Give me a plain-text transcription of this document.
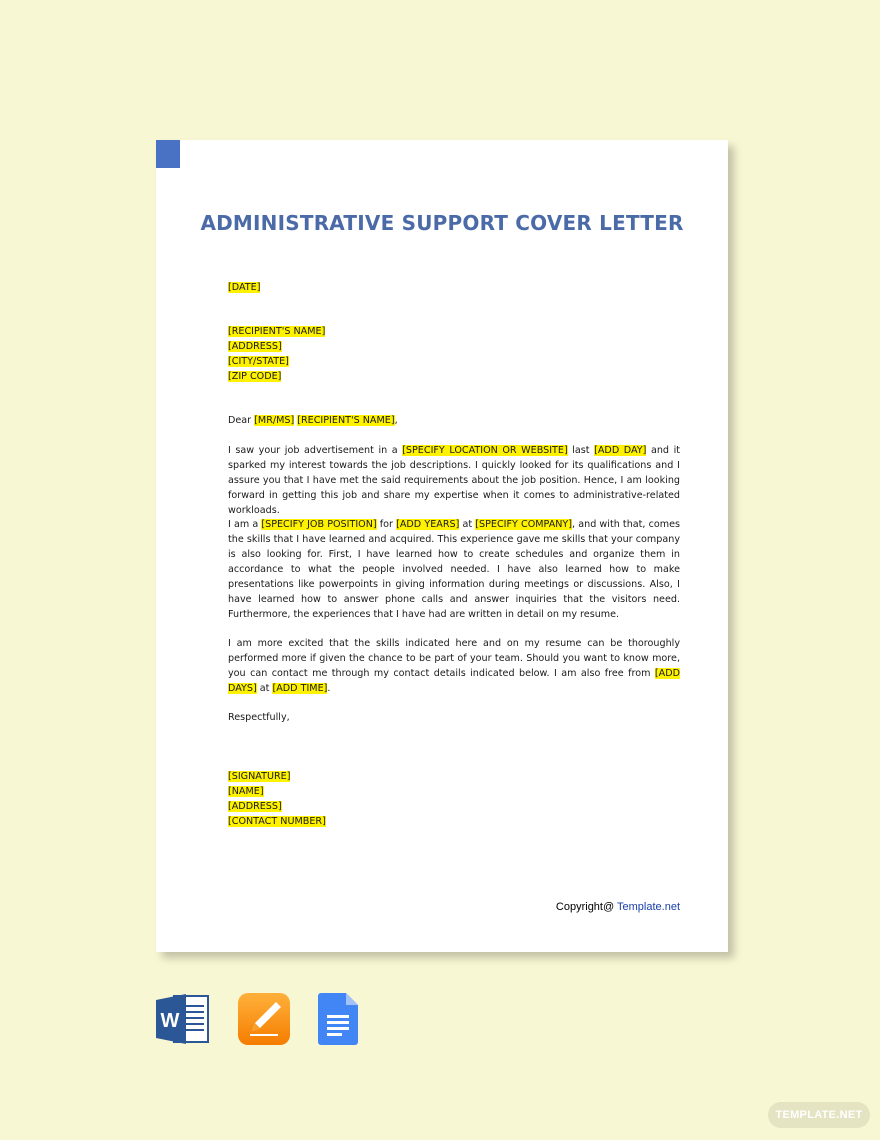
ADMINISTRATIVE SUPPORT COVER LETTER
[DATE]
[RECIPIENT'S NAME]
[ADDRESS]
[CITY/STATE]
[ZIP CODE]
Dear [MR/MS] [RECIPIENT'S NAME],
I saw your job advertisement in a [SPECIFY LOCATION OR WEBSITE] last [ADD DAY] and it sparked my interest towards the job descriptions. I quickly looked for its qualifications and I assure you that I have met the said requirements about the job position. Hence, I am looking forward in getting this job and share my expertise when it comes to administrative-related workloads.
I am a [SPECIFY JOB POSITION] for [ADD YEARS] at [SPECIFY COMPANY], and with that, comes the skills that I have learned and acquired. This experience gave me skills that your company is also looking for. First, I have learned how to create schedules and organize them in accordance to what the people involved needed. I have also learned how to make presentations like powerpoints in giving information during meetings or discussions. Also, I have learned how to answer phone calls and answer inquiries that the visitors need. Furthermore, the experiences that I have had are written in detail on my resume.
I am more excited that the skills indicated here and on my resume can be thoroughly performed more if given the chance to be part of your team. Should you want to know more, you can contact me through my contact details indicated below. I am also free from [ADD DAYS] at [ADD TIME].
Respectfully,
[SIGNATURE]
[NAME]
[ADDRESS]
[CONTACT NUMBER]
Copyright@ Template.net
W
TEMPLATE.NET
